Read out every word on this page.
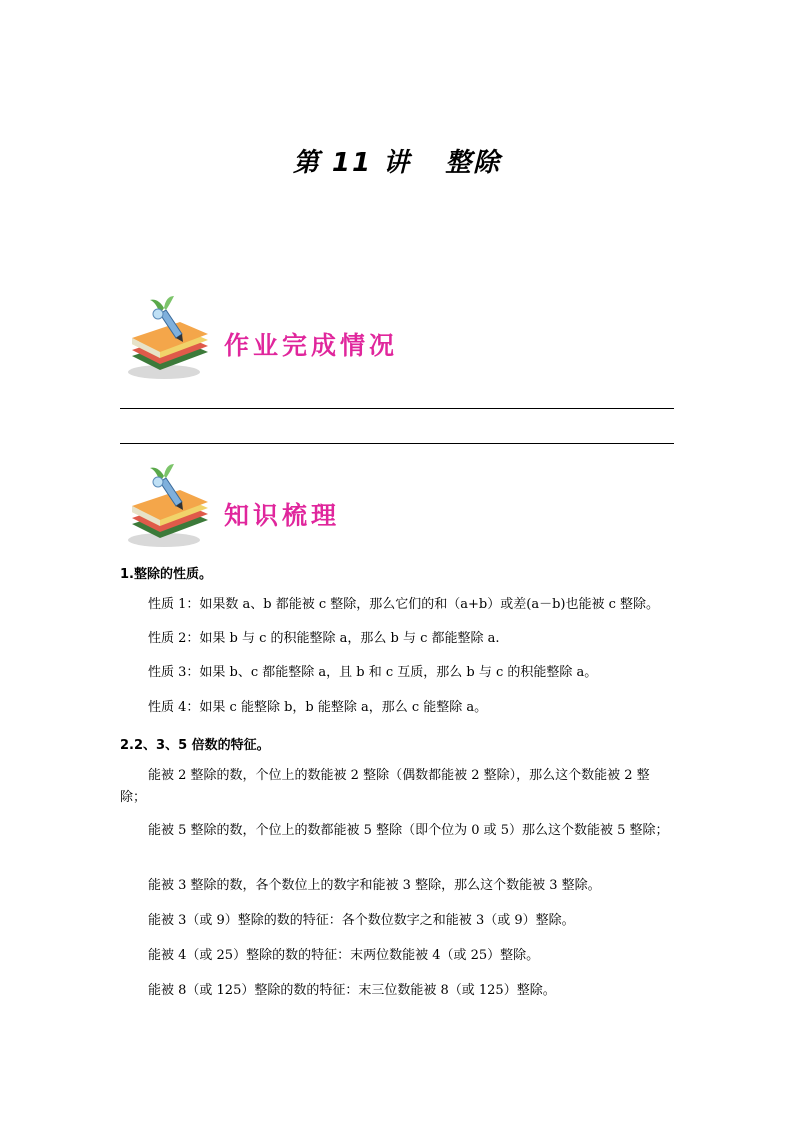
第 11 讲 整除
作业完成情况
知识梳理
1.整除的性质。
性质 1：如果数 a、b 都能被 c 整除，那么它们的和（a+b）或差(a－b)也能被 c 整除。
性质 2：如果 b 与 c 的积能整除 a，那么 b 与 c 都能整除 a.
性质 3：如果 b、c 都能整除 a，且 b 和 c 互质，那么 b 与 c 的积能整除 a。
性质 4：如果 c 能整除 b，b 能整除 a，那么 c 能整除 a。
2.2、3、5 倍数的特征。
能被 2 整除的数，个位上的数能被 2 整除（偶数都能被 2 整除），那么这个数能被 2 整除；
能被 5 整除的数，个位上的数都能被 5 整除（即个位为 0 或 5）那么这个数能被 5 整除；
能被 3 整除的数，各个数位上的数字和能被 3 整除，那么这个数能被 3 整除。
能被 3（或 9）整除的数的特征：各个数位数字之和能被 3（或 9）整除。
能被 4（或 25）整除的数的特征：末两位数能被 4（或 25）整除。
能被 8（或 125）整除的数的特征：末三位数能被 8（或 125）整除。
